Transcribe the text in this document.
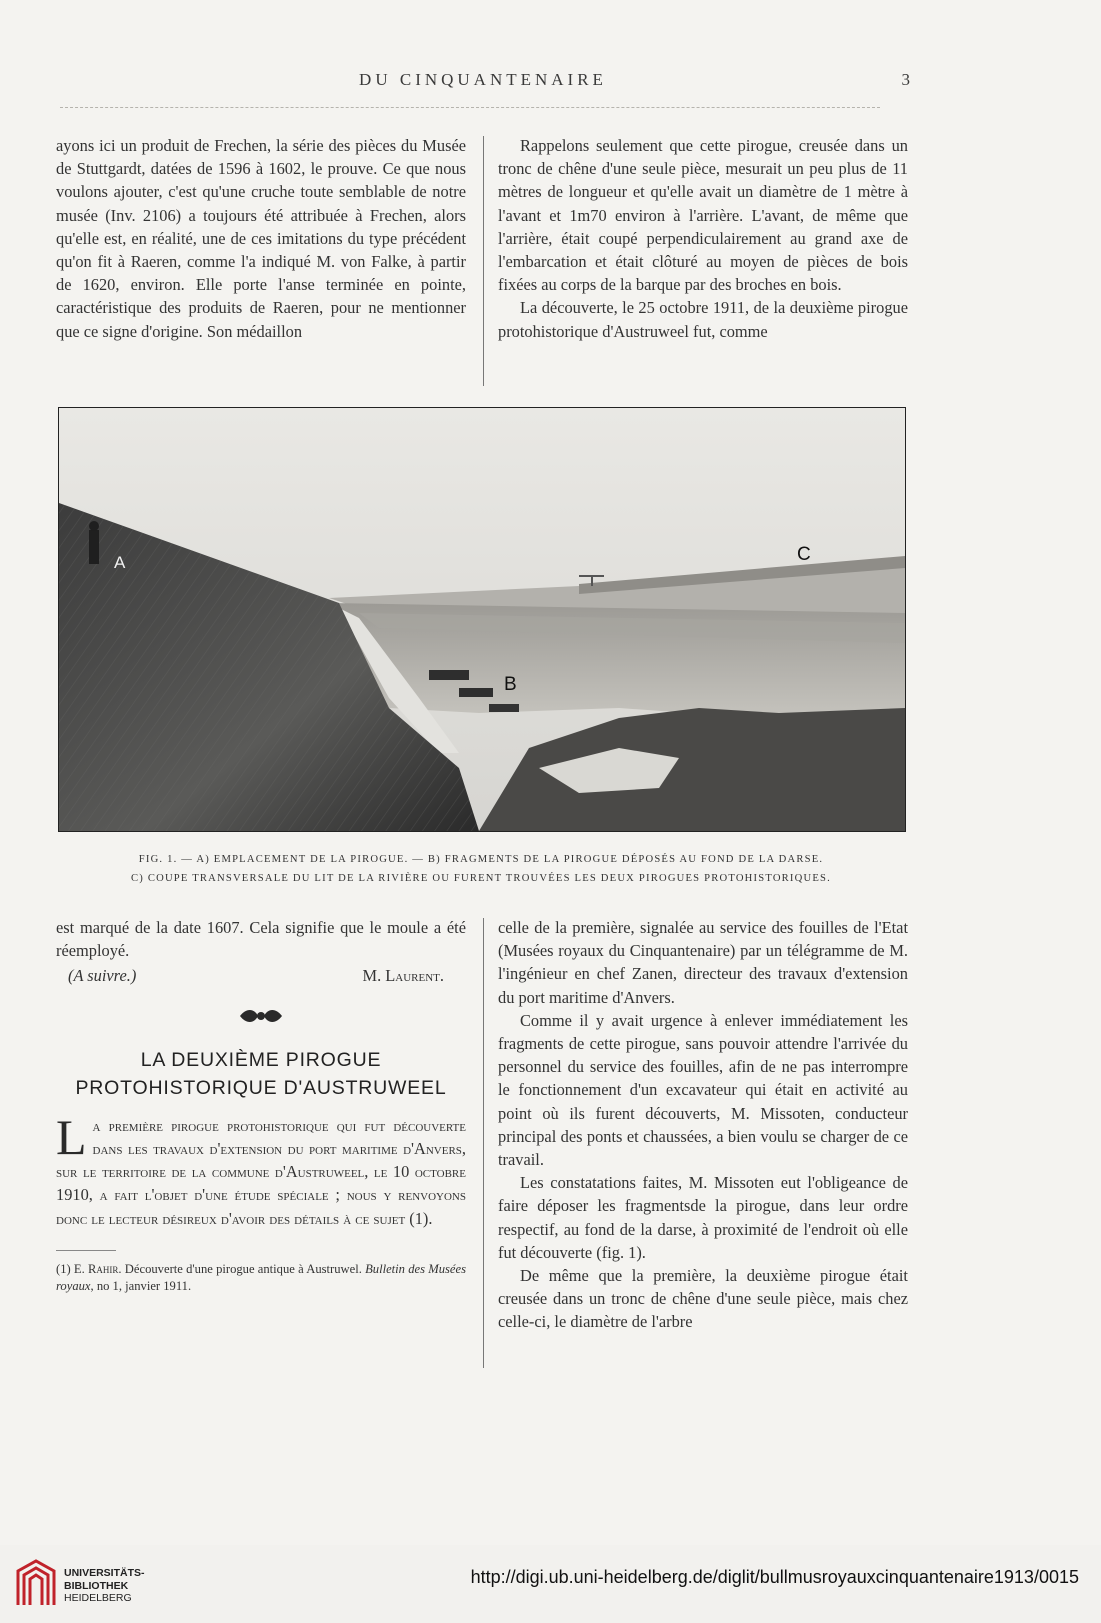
DU CINQUANTENAIRE	3

ayons ici un produit de Frechen, la série des pièces du Musée de Stuttgardt, datées de 1596 à 1602, le prouve. Ce que nous voulons ajouter, c'est qu'une cruche toute semblable de notre musée (Inv. 2106) a toujours été attribuée à Frechen, alors qu'elle est, en réalité, une de ces imitations du type précédent qu'on fit à Raeren, comme l'a indiqué M. von Falke, à partir de 1620, environ. Elle porte l'anse terminée en pointe, caractéristique des produits de Raeren, pour ne mentionner que ce signe d'origine. Son médaillon

Rappelons seulement que cette pirogue, creusée dans un tronc de chêne d'une seule pièce, mesurait un peu plus de 11 mètres de longueur et qu'elle avait un diamètre de 1 mètre à l'avant et 1m70 environ à l'arrière. L'avant, de même que l'arrière, était coupé perpendiculairement au grand axe de l'embarcation et était clôturé au moyen de pièces de bois fixées au corps de la barque par des broches en bois.

La découverte, le 25 octobre 1911, de la deuxième pirogue protohistorique d'Austruweel fut, comme

A
B
C

FIG. 1. — A) EMPLACEMENT DE LA PIROGUE. — B) FRAGMENTS DE LA PIROGUE DÉPOSÉS AU FOND DE LA DARSE.

C) COUPE TRANSVERSALE DU LIT DE LA RIVIÈRE OU FURENT TROUVÉES LES DEUX PIROGUES PROTOHISTORIQUES.

est marqué de la date 1607. Cela signifie que le moule a été réemployé.

(A suivre.)	M. Laurent.
LA DEUXIÈME PIROGUE
PROTOHISTORIQUE D'AUSTRUWEEL

L a première pirogue protohistorique qui fut découverte dans les travaux d'extension du port maritime d'Anvers, sur le territoire de la commune d'Austruweel, le 10 octobre 1910, a fait l'objet d'une étude spéciale ; nous y renvoyons donc le lecteur désireux d'avoir des détails à ce sujet (1).

(1) E. Rahir. Découverte d'une pirogue antique à Austruwel. Bulletin des Musées royaux, no 1, janvier 1911.

celle de la première, signalée au service des fouilles de l'Etat (Musées royaux du Cinquantenaire) par un télégramme de M. l'ingénieur en chef Zanen, directeur des travaux d'extension du port maritime d'Anvers.

Comme il y avait urgence à enlever immédiatement les fragments de cette pirogue, sans pouvoir attendre l'arrivée du personnel du service des fouilles, afin de ne pas interrompre le fonctionnement d'un excavateur qui était en activité au point où ils furent découverts, M. Missoten, conducteur principal des ponts et chaussées, a bien voulu se charger de ce travail.

Les constatations faites, M. Missoten eut l'obligeance de faire déposer les fragmentsde la pirogue, dans leur ordre respectif, au fond de la darse, à proximité de l'endroit où elle fut découverte (fig. 1).

De même que la première, la deuxième pirogue était creusée dans un tronc de chêne d'une seule pièce, mais chez celle-ci, le diamètre de l'arbre

UNIVERSITÄTS-
BIBLIOTHEK
HEIDELBERG
http://digi.ub.uni-heidelberg.de/diglit/bullmusroyauxcinquantenaire1913/0015
